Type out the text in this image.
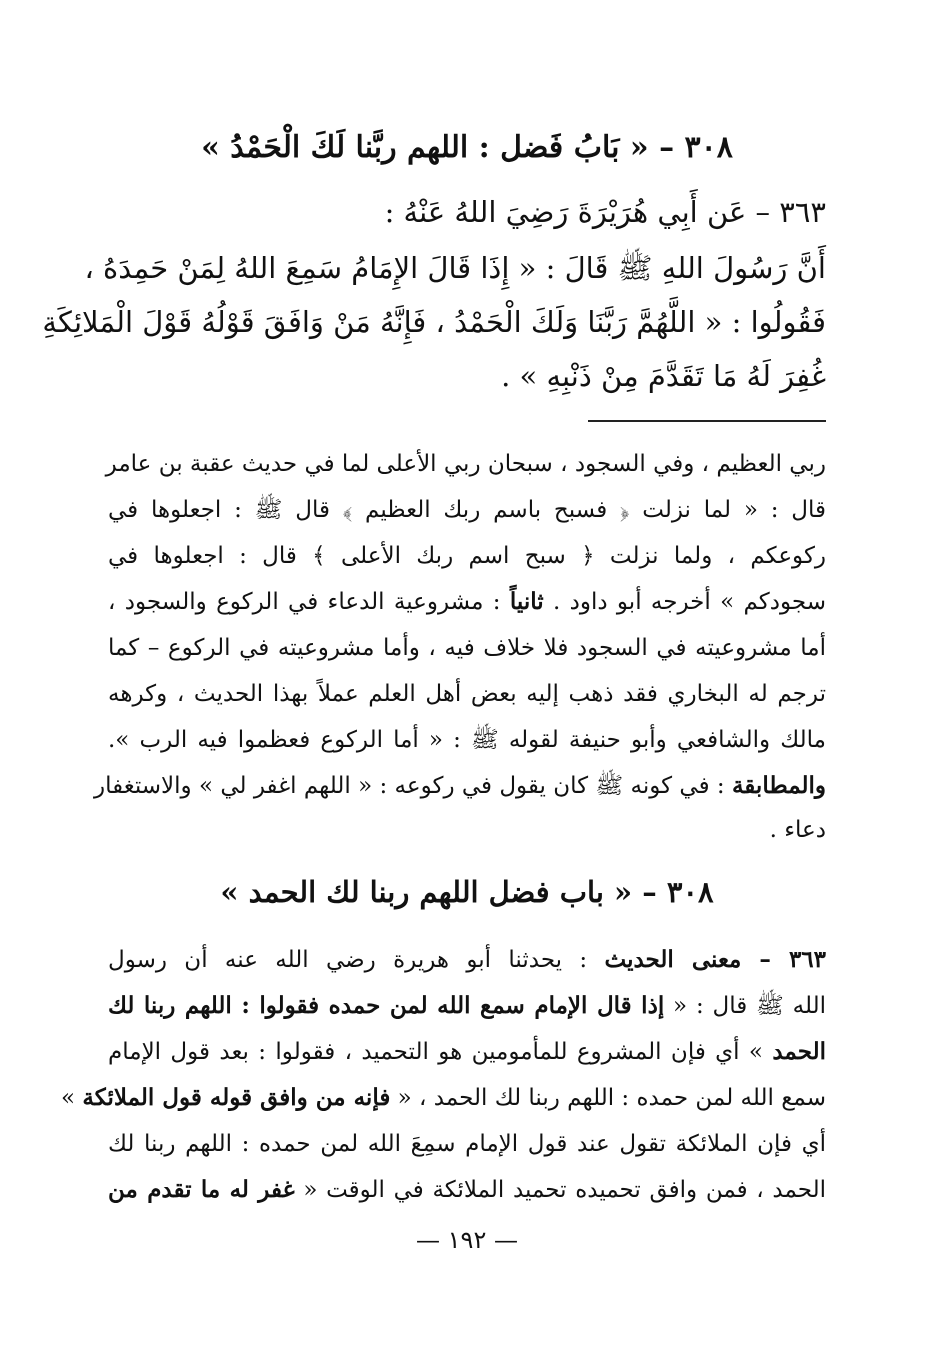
٣٠٨ – « بَابُ فَضل : اللهم ربَّنا لَكَ الْحَمْدُ »
٣٦٣ – عَن أَبِي هُرَيْرَةَ رَضِيَ اللهُ عَنْهُ :
أَنَّ رَسُولَ اللهِ ﷺ قَالَ : « إِذَا قَالَ الإِمَامُ سَمِعَ اللهُ لِمَنْ حَمِدَهُ ،
فَقُولُوا : « اللَّهُمَّ رَبَّنَا وَلَكَ الْحَمْدُ ، فَإِنَّهُ مَنْ وَافَقَ قَوْلُهُ قَوْلَ الْمَلائِكَةِ
غُفِرَ لَهُ مَا تَقَدَّمَ مِنْ ذَنْبِهِ » .
ربي العظيم ، وفي السجود ، سبحان ربي الأعلى لما في حديث عقبة بن عامر
قال : « لما نزلت ﴿ فسبح باسم ربك العظيم ﴾ قال ﷺ : اجعلوها في
ركوعكم ، ولما نزلت ﴿ سبح اسم ربك الأعلى ﴾ قال : اجعلوها في
سجودكم » أخرجه أبو داود . ثانياً : مشروعية الدعاء في الركوع والسجود ،
أما مشروعيته في السجود فلا خلاف فيه ، وأما مشروعيته في الركوع – كما
ترجم له البخاري فقد ذهب إليه بعض أهل العلم عملاً بهذا الحديث ، وكرهه
مالك والشافعي وأبو حنيفة لقوله ﷺ : « أما الركوع فعظموا فيه الرب ».
والمطابقة : في كونه ﷺ كان يقول في ركوعه : « اللهم اغفر لي » والاستغفار
دعاء .
٣٠٨ – « باب فضل اللهم ربنا لك الحمد »
٣٦٣ – معنى الحديث : يحدثنا أبو هريرة رضي الله عنه أن رسول
الله ﷺ قال : « إذا قال الإمام سمع الله لمن حمده فقولوا : اللهم ربنا لك
الحمد » أي فإن المشروع للمأمومين هو التحميد ، فقولوا : بعد قول الإمام
سمع الله لمن حمده : اللهم ربنا لك الحمد ، « فإنه من وافق قوله قول الملائكة »
أي فإن الملائكة تقول عند قول الإمام سمِعَ الله لمن حمده : اللهم ربنا لك
الحمد ، فمن وافق تحميده تحميد الملائكة في الوقت « غفر له ما تقدم من
— ١٩٢ —
